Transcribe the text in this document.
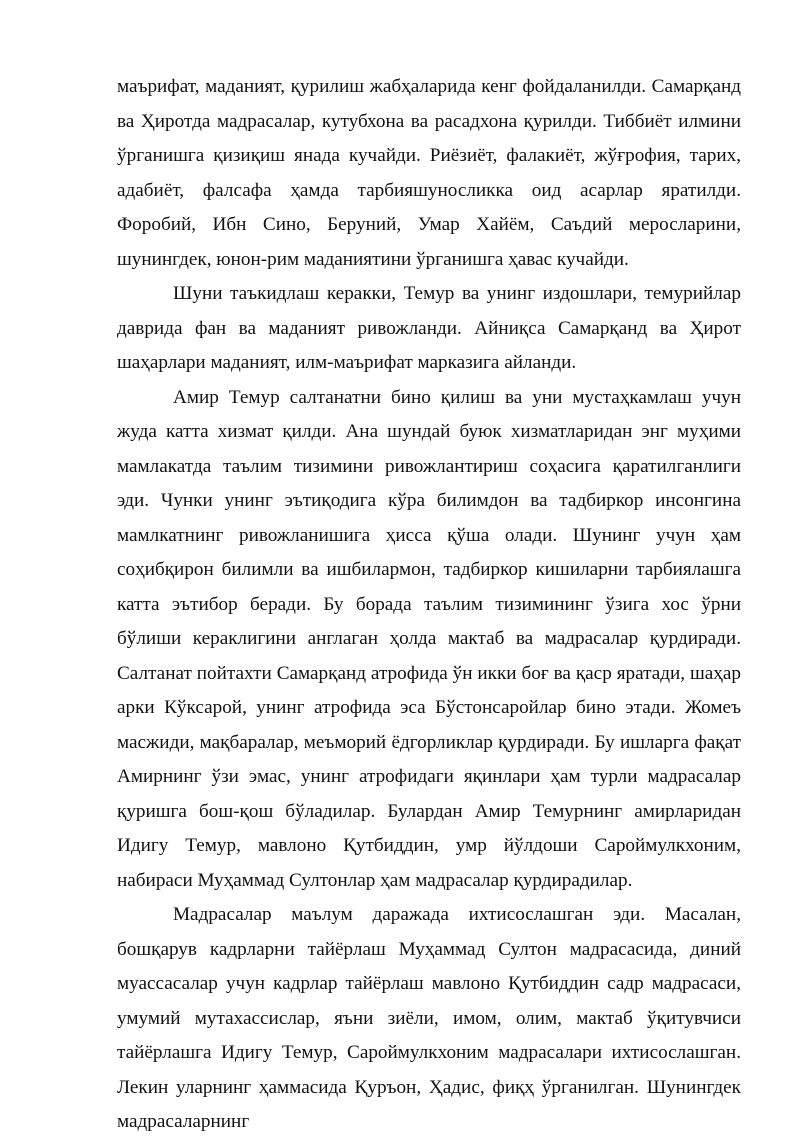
маърифат, маданият, қурилиш жабҳаларида кенг фойдаланилди. Самарқанд ва Ҳиротда мадрасалар, кутубхона ва расадхона қурилди. Тиббиёт илмини ўрганишга қизиқиш янада кучайди. Риёзиёт, фалакиёт, жўғрофия, тарих, адабиёт, фалсафа ҳамда тарбияшуносликка оид асарлар яратилди. Форобий, Ибн Сино, Беруний, Умар Хайём, Саъдий меросларини, шунингдек, юнон-рим маданиятини ўрганишга ҳавас кучайди.

Шуни таъкидлаш керакки, Темур ва унинг издошлари, темурийлар даврида фан ва маданият ривожланди. Айниқса Самарқанд ва Ҳирот шаҳарлари маданият, илм-маърифат марказига айланди.

Амир Темур салтанатни бино қилиш ва уни мустаҳкамлаш учун жуда катта хизмат қилди. Ана шундай буюк хизматларидан энг муҳими мамлакатда таълим тизимини ривожлантириш соҳасига қаратилганлиги эди. Чунки унинг эътиқодига кўра билимдон ва тадбиркор инсонгина мамлкатнинг ривожланишига ҳисса қўша олади. Шунинг учун ҳам соҳибқирон билимли ва ишбилармон, тадбиркор кишиларни тарбиялашга катта эътибор беради. Бу борада таълим тизимининг ўзига хос ўрни бўлиши кераклигини англаган ҳолда мактаб ва мадрасалар қурдиради. Салтанат пойтахти Самарқанд атрофида ўн икки боғ ва қаср яратади, шаҳар арки Кўксарой, унинг атрофида эса Бўстонсаройлар бино этади. Жомеъ масжиди, мақбаралар, меъморий ёдгорликлар қурдиради. Бу ишларга фақат Амирнинг ўзи эмас, унинг атрофидаги яқинлари ҳам турли мадрасалар қуришга бош-қош бўладилар. Булардан Амир Темурнинг амирларидан Идигу Темур, мавлоно Қутбиддин, умр йўлдоши Сароймулкхоним, набираси Муҳаммад Султонлар ҳам мадрасалар қурдирадилар.

Мадрасалар маълум даражада ихтисослашган эди. Масалан, бошқарув кадрларни тайёрлаш Муҳаммад Султон мадрасасида, диний муассасалар учун кадрлар тайёрлаш мавлоно Қутбиддин садр мадрасаси, умумий мутахассислар, яъни зиёли, имом, олим, мактаб ўқитувчиси тайёрлашга Идигу Темур, Сароймулкхоним мадрасалари ихтисослашган. Лекин уларнинг ҳаммасида Қуръон, Ҳадис, фиқҳ ўрганилган. Шунингдек мадрасаларнинг
